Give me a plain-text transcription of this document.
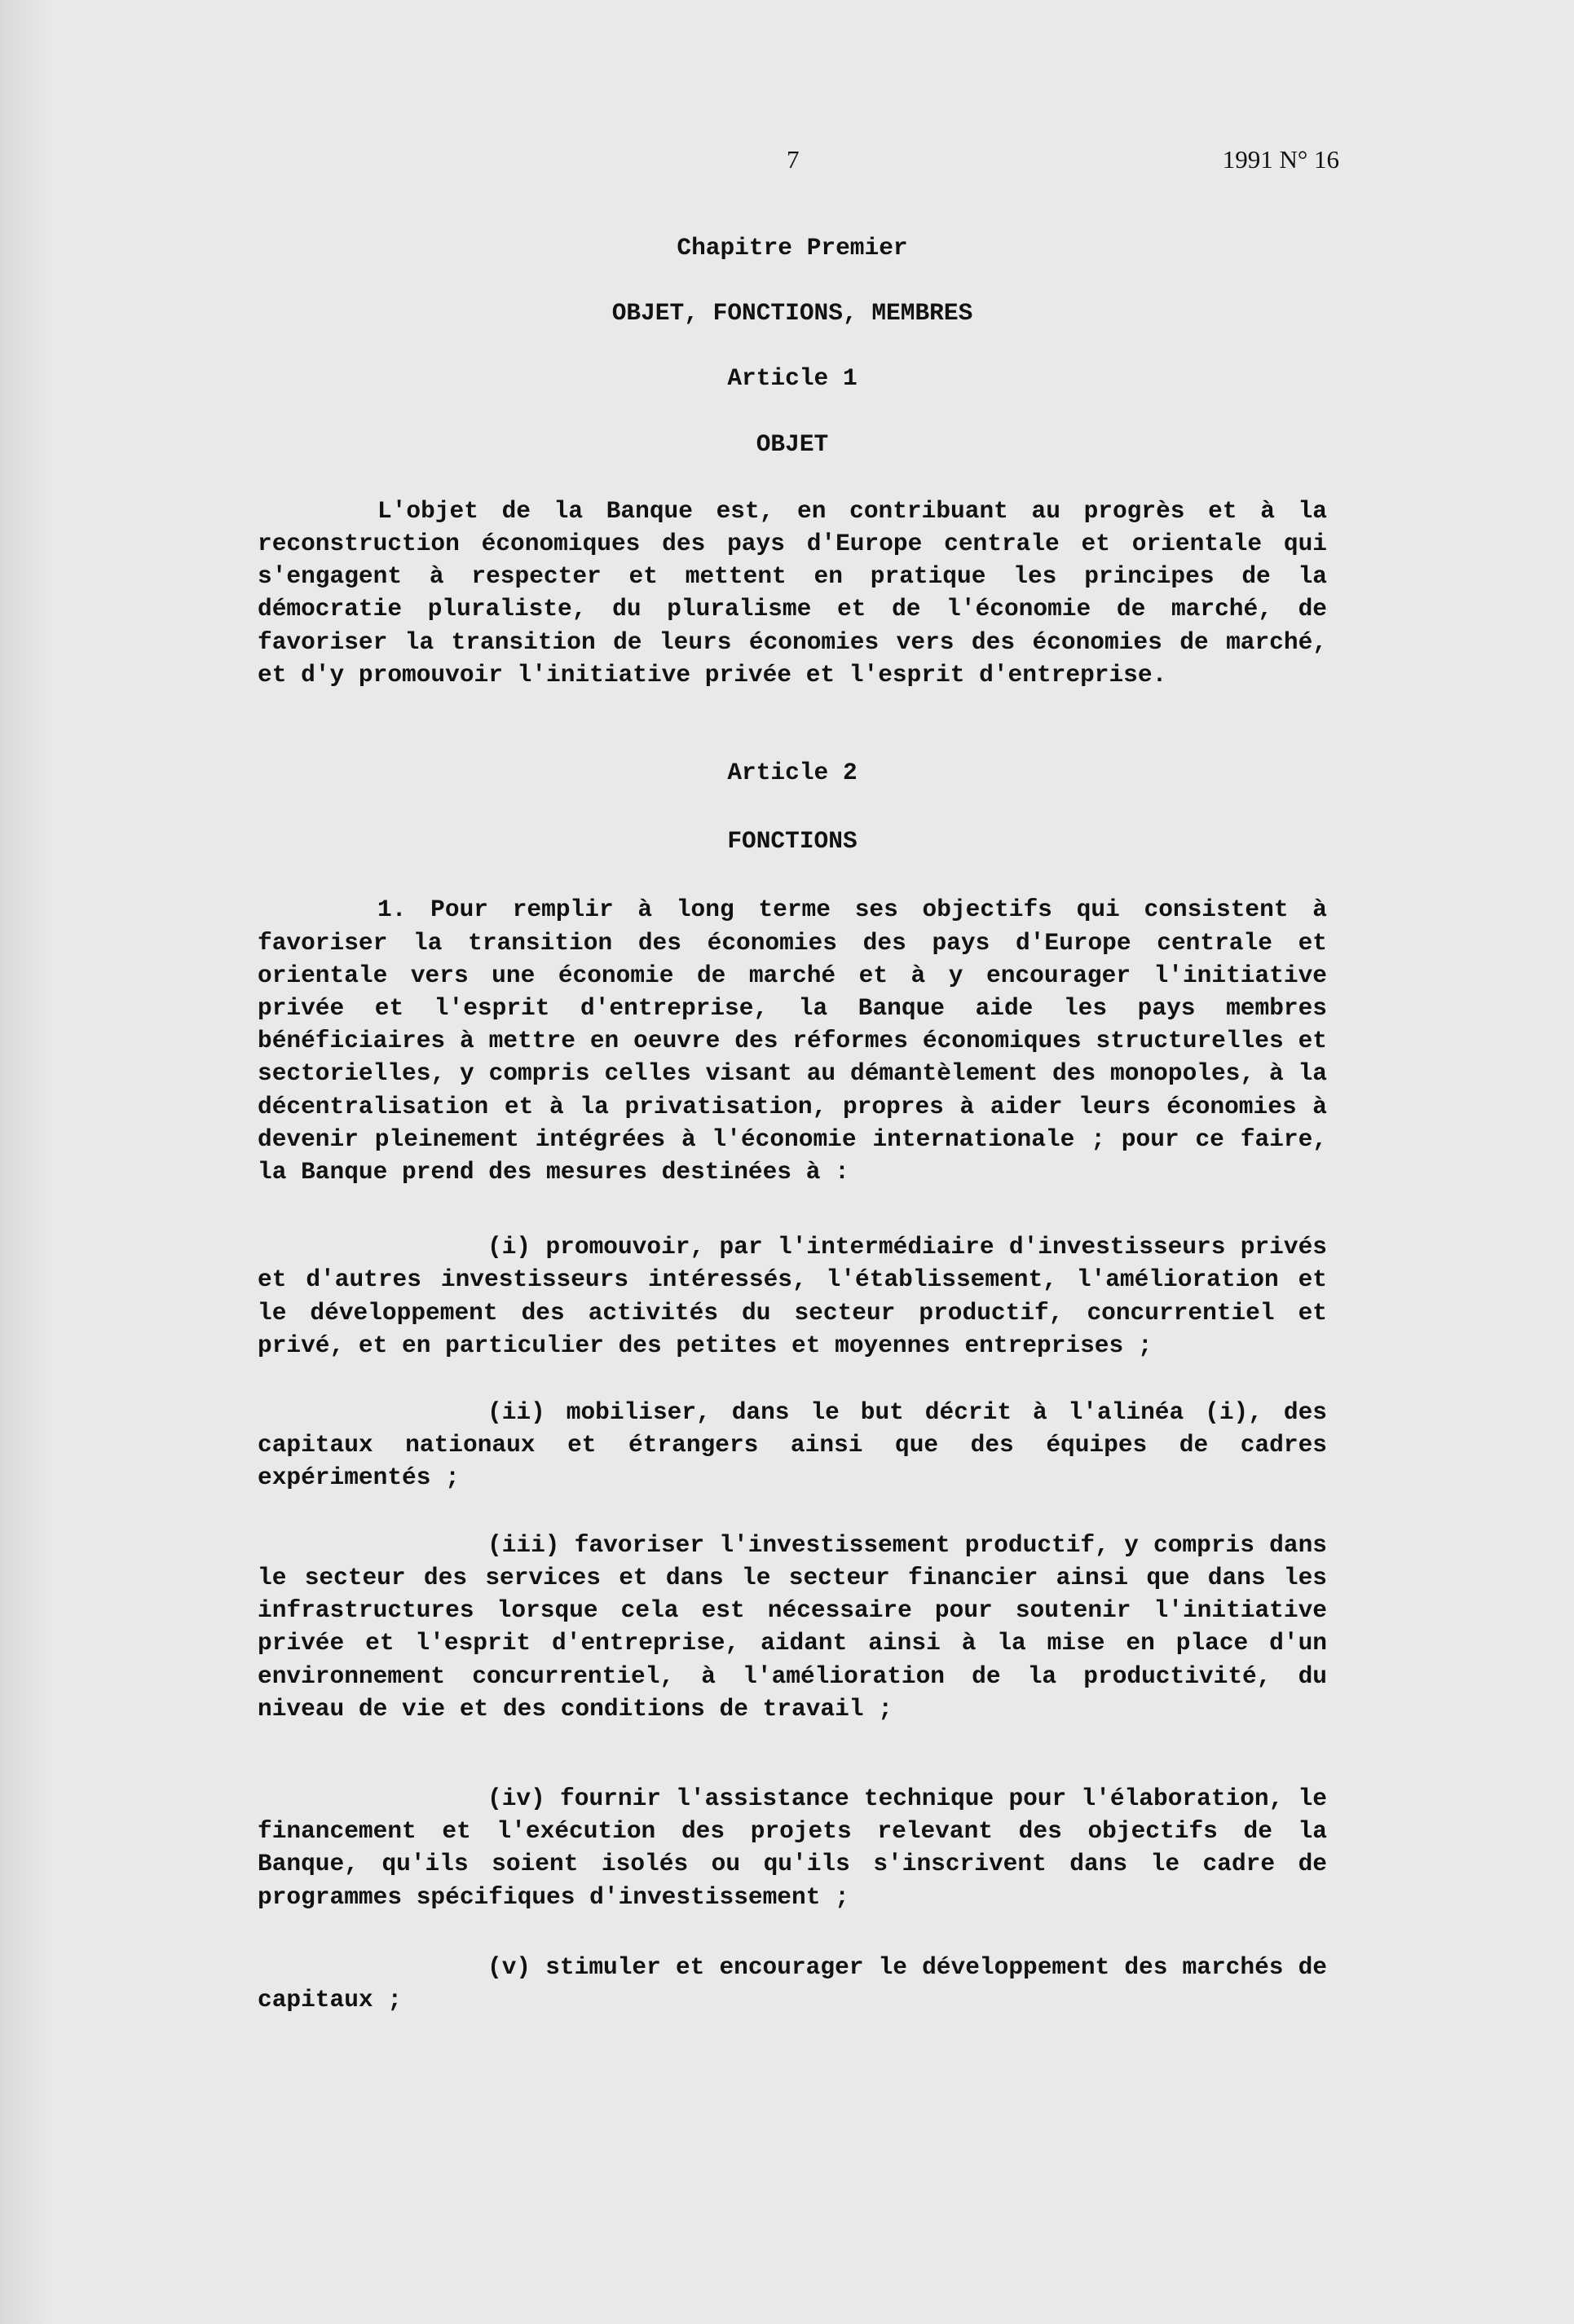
7	1991 N° 16

Chapitre Premier

OBJET, FONCTIONS, MEMBRES

Article 1

OBJET

L'objet de la Banque est, en contribuant au progrès et à la reconstruction économiques des pays d'Europe centrale et orientale qui s'engagent à respecter et mettent en pratique les principes de la démocratie pluraliste, du pluralisme et de l'économie de marché, de favoriser la transition de leurs économies vers des économies de marché, et d'y promouvoir l'initiative privée et l'esprit d'entreprise.

Article 2

FONCTIONS

1. Pour remplir à long terme ses objectifs qui consistent à favoriser la transition des économies des pays d'Europe centrale et orientale vers une économie de marché et à y encourager l'initiative privée et l'esprit d'entreprise, la Banque aide les pays membres bénéficiaires à mettre en oeuvre des réformes économiques structurelles et sectorielles, y compris celles visant au démantèlement des monopoles, à la décentralisation et à la privatisation, propres à aider leurs économies à devenir pleinement intégrées à l'économie internationale ; pour ce faire, la Banque prend des mesures destinées à :

(i) promouvoir, par l'intermédiaire d'investisseurs privés et d'autres investisseurs intéressés, l'établissement, l'amélioration et le développement des activités du secteur productif, concurrentiel et privé, et en particulier des petites et moyennes entreprises ;

(ii) mobiliser, dans le but décrit à l'alinéa (i), des capitaux nationaux et étrangers ainsi que des équipes de cadres expérimentés ;

(iii) favoriser l'investissement productif, y compris dans le secteur des services et dans le secteur financier ainsi que dans les infrastructures lorsque cela est nécessaire pour soutenir l'initiative privée et l'esprit d'entreprise, aidant ainsi à la mise en place d'un environnement concurrentiel, à l'amélioration de la productivité, du niveau de vie et des conditions de travail ;

(iv) fournir l'assistance technique pour l'élaboration, le financement et l'exécution des projets relevant des objectifs de la Banque, qu'ils soient isolés ou qu'ils s'inscrivent dans le cadre de programmes spécifiques d'investissement ;

(v) stimuler et encourager le développement des marchés de capitaux ;
